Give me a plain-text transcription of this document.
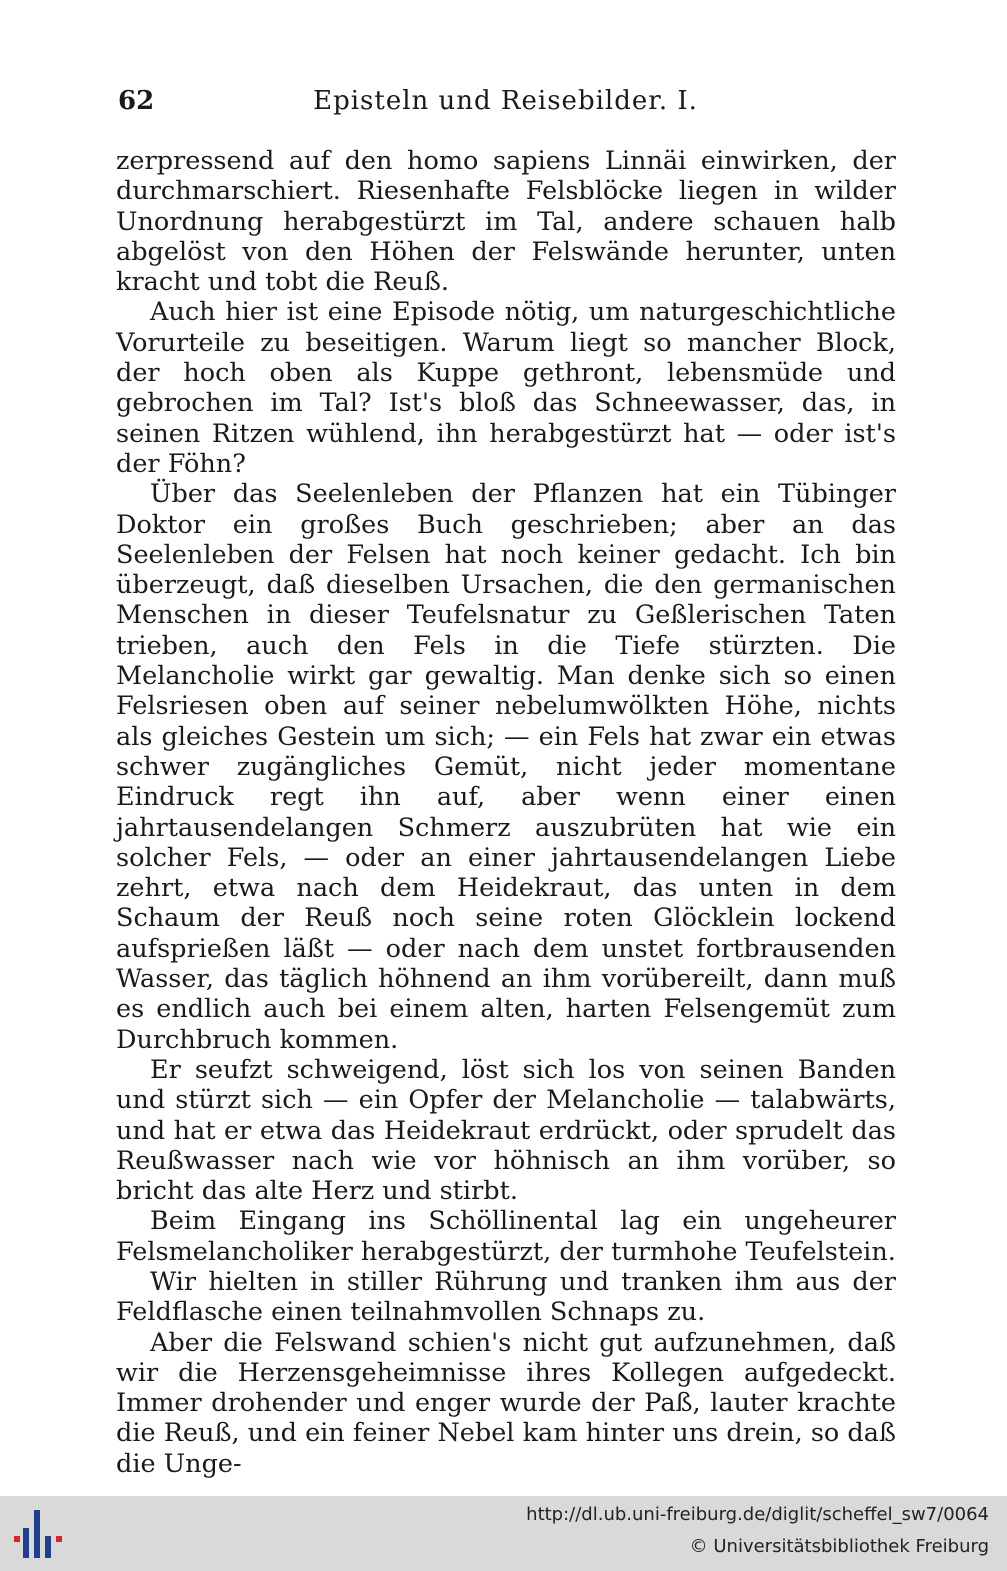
62	Episteln und Reisebilder. I.

zerpressend auf den homo sapiens Linnäi einwirken, der durchmarschiert. Riesenhafte Felsblöcke liegen in wilder Unordnung herabgestürzt im Tal, andere schauen halb abgelöst von den Höhen der Felswände herunter, unten kracht und tobt die Reuß.

Auch hier ist eine Episode nötig, um naturgeschichtliche Vorurteile zu beseitigen. Warum liegt so mancher Block, der hoch oben als Kuppe gethront, lebensmüde und gebrochen im Tal? Ist's bloß das Schneewasser, das, in seinen Ritzen wühlend, ihn herabgestürzt hat — oder ist's der Föhn?

Über das Seelenleben der Pflanzen hat ein Tübinger Doktor ein großes Buch geschrieben; aber an das Seelenleben der Felsen hat noch keiner gedacht. Ich bin überzeugt, daß dieselben Ursachen, die den germanischen Menschen in dieser Teufelsnatur zu Geßlerischen Taten trieben, auch den Fels in die Tiefe stürzten. Die Melancholie wirkt gar gewaltig. Man denke sich so einen Felsriesen oben auf seiner nebelumwölkten Höhe, nichts als gleiches Gestein um sich; — ein Fels hat zwar ein etwas schwer zugängliches Gemüt, nicht jeder momentane Eindruck regt ihn auf, aber wenn einer einen jahrtausendelangen Schmerz auszubrüten hat wie ein solcher Fels, — oder an einer jahrtausendelangen Liebe zehrt, etwa nach dem Heidekraut, das unten in dem Schaum der Reuß noch seine roten Glöcklein lockend aufsprießen läßt — oder nach dem unstet fortbrausenden Wasser, das täglich höhnend an ihm vorübereilt, dann muß es endlich auch bei einem alten, harten Felsengemüt zum Durchbruch kommen.

Er seufzt schweigend, löst sich los von seinen Banden und stürzt sich — ein Opfer der Melancholie — talabwärts, und hat er etwa das Heidekraut erdrückt, oder sprudelt das Reußwasser nach wie vor höhnisch an ihm vorüber, so bricht das alte Herz und stirbt.

Beim Eingang ins Schöllinental lag ein ungeheurer Felsmelancholiker herabgestürzt, der turmhohe Teufelstein.

Wir hielten in stiller Rührung und tranken ihm aus der Feldflasche einen teilnahmvollen Schnaps zu.

Aber die Felswand schien's nicht gut aufzunehmen, daß wir die Herzensgeheimnisse ihres Kollegen aufgedeckt. Immer drohender und enger wurde der Paß, lauter krachte die Reuß, und ein feiner Nebel kam hinter uns drein, so daß die Unge-

http://dl.ub.uni-freiburg.de/diglit/scheffel_sw7/0064
© Universitätsbibliothek Freiburg
